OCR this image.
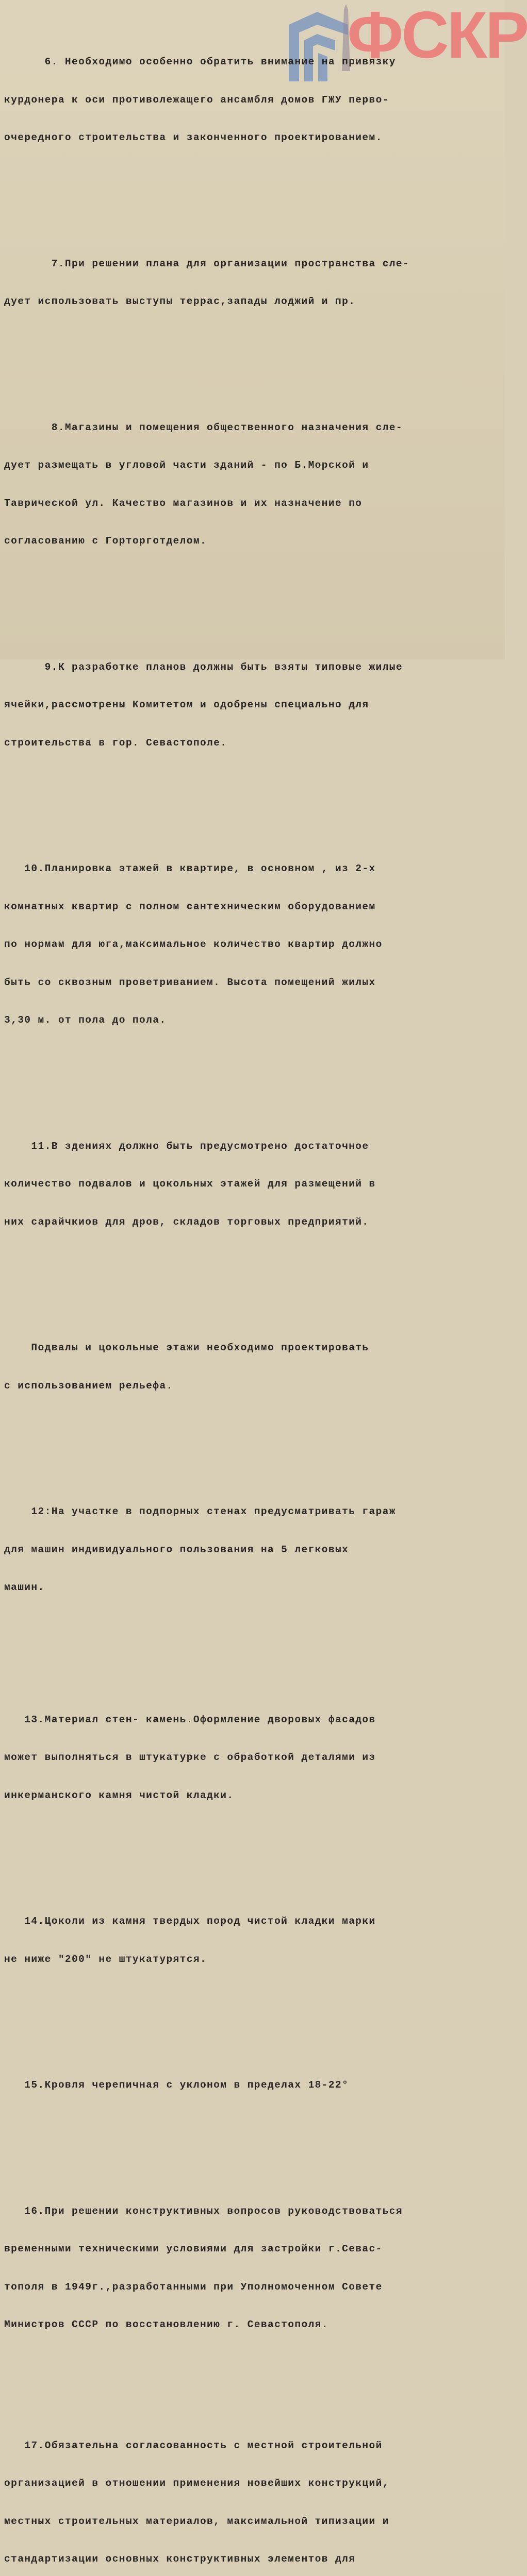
ФСКР

6. Необходимо особенно обратить внимание на привязку

курдонера к оси противолежащего ансамбля домов ГЖУ перво-

очередного строительства и законченного проектированием.

7.При решении плана для организации пространства сле-

дует использовать выступы террас,запады лоджий и пр.

8.Магазины и помещения общественного назначения сле-

дует размещать в угловой части зданий - по Б.Морской и

Таврической ул. Качество магазинов и их назначение по

согласованию с Горторготделом.

9.К разработке планов должны быть взяты типовые жилые

ячейки,рассмотрены Комитетом и одобрены специально для

строительства в гор. Севастополе.

10.Планировка этажей в квартире, в основном , из 2-х

комнатных квартир с полном сантехническим оборудованием

по нормам для юга,максимальное количество квартир должно

быть со сквозным проветриванием. Высота помещений жилых

3,30 м. от пола до пола.

11.В зденияx должно быть предусмотрено достаточное

количество подвалов и цокольных этажей для размещений в

них сарайчкиов для дров, складов торговых предприятий.

Подвалы и цокольные этажи необходимо проектировать

с использованием рельефа.

12:На участке в подпорных стенах предусматривать гараж

для машин индивидуального пользования на 5 легковых

машин.

13.Материал стен- камень.Оформление дворовых фасадов

может выполняться в штукатурке с обработкой деталями из

инкерманского камня чистой кладки.

14.Цоколи из камня твердых пород чистой кладки марки

не ниже "200" не штукатурятся.

15.Кровля черепичная с уклоном в пределах 18-22°

16.При решении конструктивных вопросов руководствоваться

временными техническими условиями для застройки г.Севас-

тополя в 1949г.,разработанными при Уполномоченном Совете

Министров СССР по восстановлению г. Севастополя.

17.Обязательна согласованность с местной строительной

организацией в отношении применения новейших конструкций,

местных строительных материалов, максимальной типизации и

стандартизации основных конструктивных элементов для
